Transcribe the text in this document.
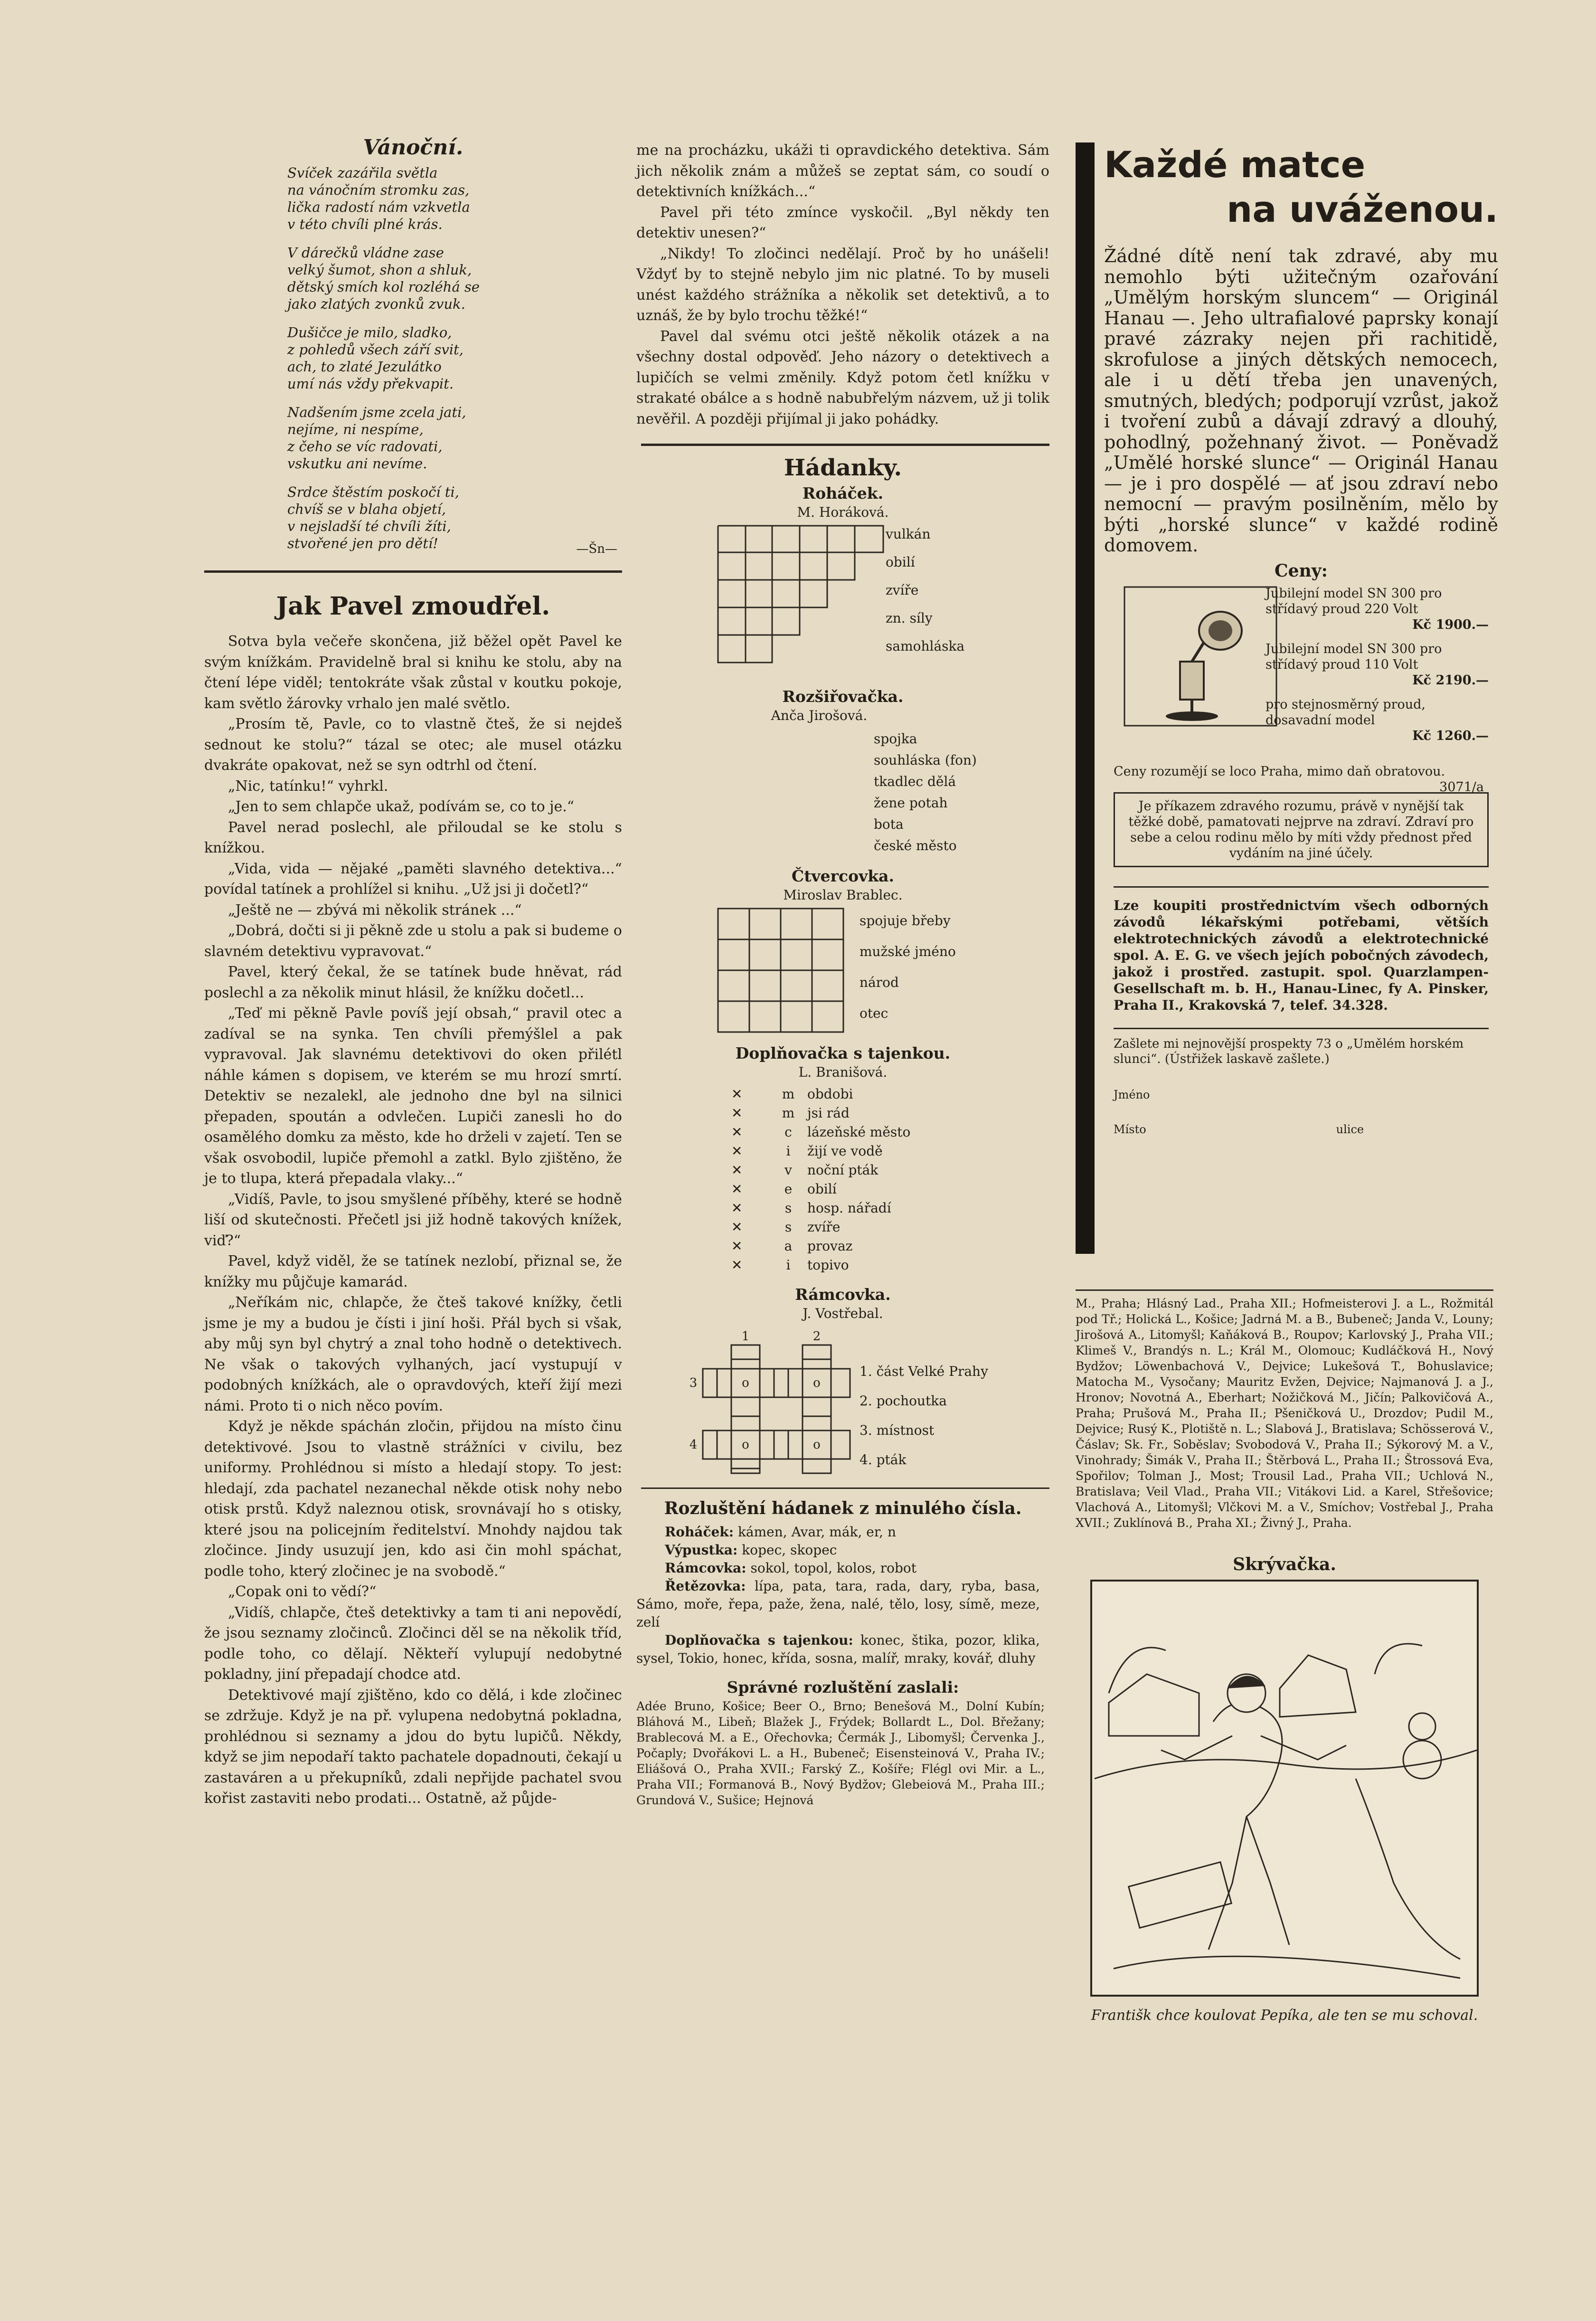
Vánoční.
Svíček zazářila světla
na vánočním stromku zas,
lička radostí nám vzkvetla
v této chvíli plné krás.
V dárečků vládne zase
velký šumot, shon a shluk,
dětský smích kol rozléhá se
jako zlatých zvonků zvuk.
Dušičce je milo, sladko,
z pohledů všech září svit,
ach, to zlaté Jezulátko
umí nás vždy překvapit.
Nadšením jsme zcela jati,
nejíme, ni nespíme,
z čeho se víc radovati,
vskutku ani nevíme.
Srdce štěstím poskočí ti,
chvíš se v blaha objetí,
v nejsladší té chvíli žíti,
stvořené jen pro dětí!	—Šn—
Jak Pavel zmoudřel.

Sotva byla večeře skončena, již běžel opět Pavel ke svým knížkám. Pravidelně bral si knihu ke stolu, aby na čtení lépe viděl; tentokráte však zůstal v koutku pokoje, kam světlo žárovky vrhalo jen malé světlo.

„Prosím tě, Pavle, co to vlastně čteš, že si nejdeš sednout ke stolu?“ tázal se otec; ale musel otázku dvakráte opakovat, než se syn odtrhl od čtení.

„Nic, tatínku!“ vyhrkl.

„Jen to sem chlapče ukaž, podívám se, co to je.“

Pavel nerad poslechl, ale přiloudal se ke stolu s knížkou.

„Vida, vida — nějaké „paměti slavného detektiva...“ povídal tatínek a prohlížel si knihu. „Už jsi ji dočetl?“

„Ještě ne — zbývá mi několik stránek ...“

„Dobrá, dočti si ji pěkně zde u stolu a pak si budeme o slavném detektivu vypravovat.“

Pavel, který čekal, že se tatínek bude hněvat, rád poslechl a za několik minut hlásil, že knížku dočetl...

„Teď mi pěkně Pavle povíš její obsah,“ pravil otec a zadíval se na synka. Ten chvíli přemýšlel a pak vypravoval. Jak slavnému detektivovi do oken přilétl náhle kámen s dopisem, ve kterém se mu hrozí smrtí. Detektiv se nezalekl, ale jednoho dne byl na silnici přepaden, spoután a odvlečen. Lupiči zanesli ho do osamělého domku za město, kde ho drželi v zajetí. Ten se však osvobodil, lupiče přemohl a zatkl. Bylo zjištěno, že je to tlupa, která přepadala vlaky...“

„Vidíš, Pavle, to jsou smyšlené příběhy, které se hodně liší od skutečnosti. Přečetl jsi již hodně takových knížek, viď?“

Pavel, když viděl, že se tatínek nezlobí, přiznal se, že knížky mu půjčuje kamarád.

„Neříkám nic, chlapče, že čteš takové knížky, četli jsme je my a budou je čísti i jiní hoši. Přál bych si však, aby můj syn byl chytrý a znal toho hodně o detektivech. Ne však o takových vylhaných, jací vystupují v podobných knížkách, ale o opravdových, kteří žijí mezi námi. Proto ti o nich něco povím.

Když je někde spáchán zločin, přijdou na místo činu detektivové. Jsou to vlastně strážníci v civilu, bez uniformy. Prohlédnou si místo a hledají stopy. To jest: hledají, zda pachatel nezanechal někde otisk nohy nebo otisk prstů. Když naleznou otisk, srovnávají ho s otisky, které jsou na policejním ředitelství. Mnohdy najdou tak zločince. Jindy usuzují jen, kdo asi čin mohl spáchat, podle toho, který zločinec je na svobodě.“

„Copak oni to vědí?“

„Vidíš, chlapče, čteš detektivky a tam ti ani nepovědí, že jsou seznamy zločinců. Zločinci děl se na několik tříd, podle toho, co dělají. Někteří vylupují nedobytné pokladny, jiní přepadají chodce atd.

Detektivové mají zjištěno, kdo co dělá, i kde zločinec se zdržuje. Když je na př. vylupena nedobytná pokladna, prohlédnou si seznamy a jdou do bytu lupičů. Někdy, když se jim nepodaří takto pachatele dopadnouti, čekají u zastaváren a u překupníků, zdali nepřijde pachatel svou kořist zastaviti nebo prodati... Ostatně, až půjde-

me na procházku, ukáži ti opravdického detektiva. Sám jich několik znám a můžeš se zeptat sám, co soudí o detektivních knížkách...“

Pavel při této zmínce vyskočil. „Byl někdy ten detektiv unesen?“

„Nikdy! To zločinci nedělají. Proč by ho unášeli! Vždyť by to stejně nebylo jim nic platné. To by museli unést každého strážníka a několik set detektivů, a to uznáš, že by bylo trochu těžké!“

Pavel dal svému otci ještě několik otázek a na všechny dostal odpověď. Jeho názory o detektivech a lupičích se velmi změnily. Když potom četl knížku v strakaté obálce a s hodně nabubřelým názvem, už ji tolik nevěřil. A později přijímal ji jako pohádky.

Hádanky.
Roháček.
M. Horáková.
vulkán
obilí
zvíře
zn. síly
samohláska
Rozšiřovačka.
Anča Jirošová.
spojka
souhláska (fon)
tkadlec dělá
žene potah
bota
české město
Čtvercovka.
Miroslav Brablec.
spojuje břeby
mužské jméno
národ
otec
Doplňovačka s tajenkou.
L. Branišová.
✕	m obdobi
✕	m jsi rád
✕	c	lázeňské město
✕	i	žijí ve vodě
✕	v	noční pták
✕	e	obilí
✕	s	hosp. nářadí
✕	s	zvíře
✕	a	provaz
✕	i	topivo
Rámcovka.
J. Vostřebal.
1	2
3
4
o	o
o	o
1. část Velké Prahy
2. pochoutka
3. místnost
4. pták
Rozluštění hádanek z minulého čísla.
Roháček: kámen, Avar, mák, er, n
Výpustka: kopec, skopec
Rámcovka: sokol, topol, kolos, robot
Řetězovka: lípa, pata, tara, rada, dary, ryba, basa, Sámo, moře, řepa, paže, žena, nalé, tělo, losy, símě, meze, zelí
Doplňovačka s tajenkou: konec, štika, pozor, klika, sysel, Tokio, honec, křída, sosna, malíř, mraky, kovář, dluhy
Správné rozluštění zaslali:
Adée Bruno, Košice; Beer O., Brno; Benešová M., Dolní Kubín; Bláhová M., Libeň; Blažek J., Frýdek; Bollardt L., Dol. Břežany; Brablecová M. a E., Ořechovka; Čermák J., Libomyšl; Červenka J., Počaply; Dvořákovi L. a H., Bubeneč; Eisensteinová V., Praha IV.; Eliášová O., Praha XVII.; Farský Z., Košíře; Flégl ovi Mir. a L., Praha VII.; Formanová B., Nový Bydžov; Glebeiová M., Praha III.; Grundová V., Sušice; Hejnová
Každé matce
na uváženou.
Žádné dítě není tak zdravé, aby mu nemohlo býti užitečným ozařování „Umělým horským sluncem“ — Originál Hanau —. Jeho ultrafialové paprsky konají pravé zázraky nejen při rachitidě, skrofulose a jiných dětských nemocech, ale i u dětí třeba jen unavených, smutných, bledých; podporují vzrůst, jakož i tvoření zubů a dávají zdravý a dlouhý, pohodlný, požehnaný život. — Poněvadž „Umělé horské slunce“ — Originál Hanau — je i pro dospělé — ať jsou zdraví nebo nemocní — pravým posilněním, mělo by býti „horské slunce“ v každé rodině domovem.
Ceny:
Jubilejní model SN 300 pro střídavý proud 220 Volt
Kč 1900.—
Jubilejní model SN 300 pro střídavý proud 110 Volt
Kč 2190.—
pro stejnosměrný proud, dosavadní model
Kč 1260.—
Ceny rozumějí se loco Praha, mimo daň obratovou.
3071/a
Je příkazem zdravého rozumu, právě v nynější tak těžké době, pamatovati nejprve na zdraví. Zdraví pro sebe a celou rodinu mělo by míti vždy přednost před vydáním na jiné účely.
Lze koupiti prostřednictvím všech odborných závodů lékařskými potřebami, větších elektrotechnických závodů a elektrotechnické spol. A. E. G. ve všech jejích pobočných závodech, jakož i prostřed. zastupit. spol. Quarzlampen-Gesellschaft m. b. H., Hanau-Linec, fy A. Pinsker, Praha II., Krakovská 7, telef. 34.328.
Zašlete mi nejnovější prospekty 73 o „Umělém horském slunci“. (Ústřižek laskavě zašlete.)
Jméno
Místo	ulice
M., Praha; Hlásný Lad., Praha XII.; Hofmeisterovi J. a L., Rožmitál pod Tř.; Holická L., Košice; Jadrná M. a B., Bubeneč; Janda V., Louny; Jirošová A., Litomyšl; Kaňáková B., Roupov; Karlovský J., Praha VII.; Klimeš V., Brandýs n. L.; Král M., Olomouc; Kudláčková H., Nový Bydžov; Löwenbachová V., Dejvice; Lukešová T., Bohuslavice; Matocha M., Vysočany; Mauritz Evžen, Dejvice; Najmanová J. a J., Hronov; Novotná A., Eberhart; Nožičková M., Jičín; Palkovičová A., Praha; Prušová M., Praha II.; Pšeničková U., Drozdov; Pudil M., Dejvice; Rusý K., Plotiště n. L.; Slabová J., Bratislava; Schösserová V., Čáslav; Sk. Fr., Soběslav; Svobodová V., Praha II.; Sýkorový M. a V., Vinohrady; Šimák V., Praha II.; Štěrbová L., Praha II.; Štrossová Eva, Spořilov; Tolman J., Most; Trousil Lad., Praha VII.; Uchlová N., Bratislava; Veil Vlad., Praha VII.; Vitákovi Lid. a Karel, Střešovice; Vlachová A., Litomyšl; Vlčkovi M. a V., Smíchov; Vostřebal J., Praha XVII.; Zuklínová B., Praha XI.; Živný J., Praha.
Skrývačka.
Františk chce koulovat Pepíka, ale ten se mu schoval.
